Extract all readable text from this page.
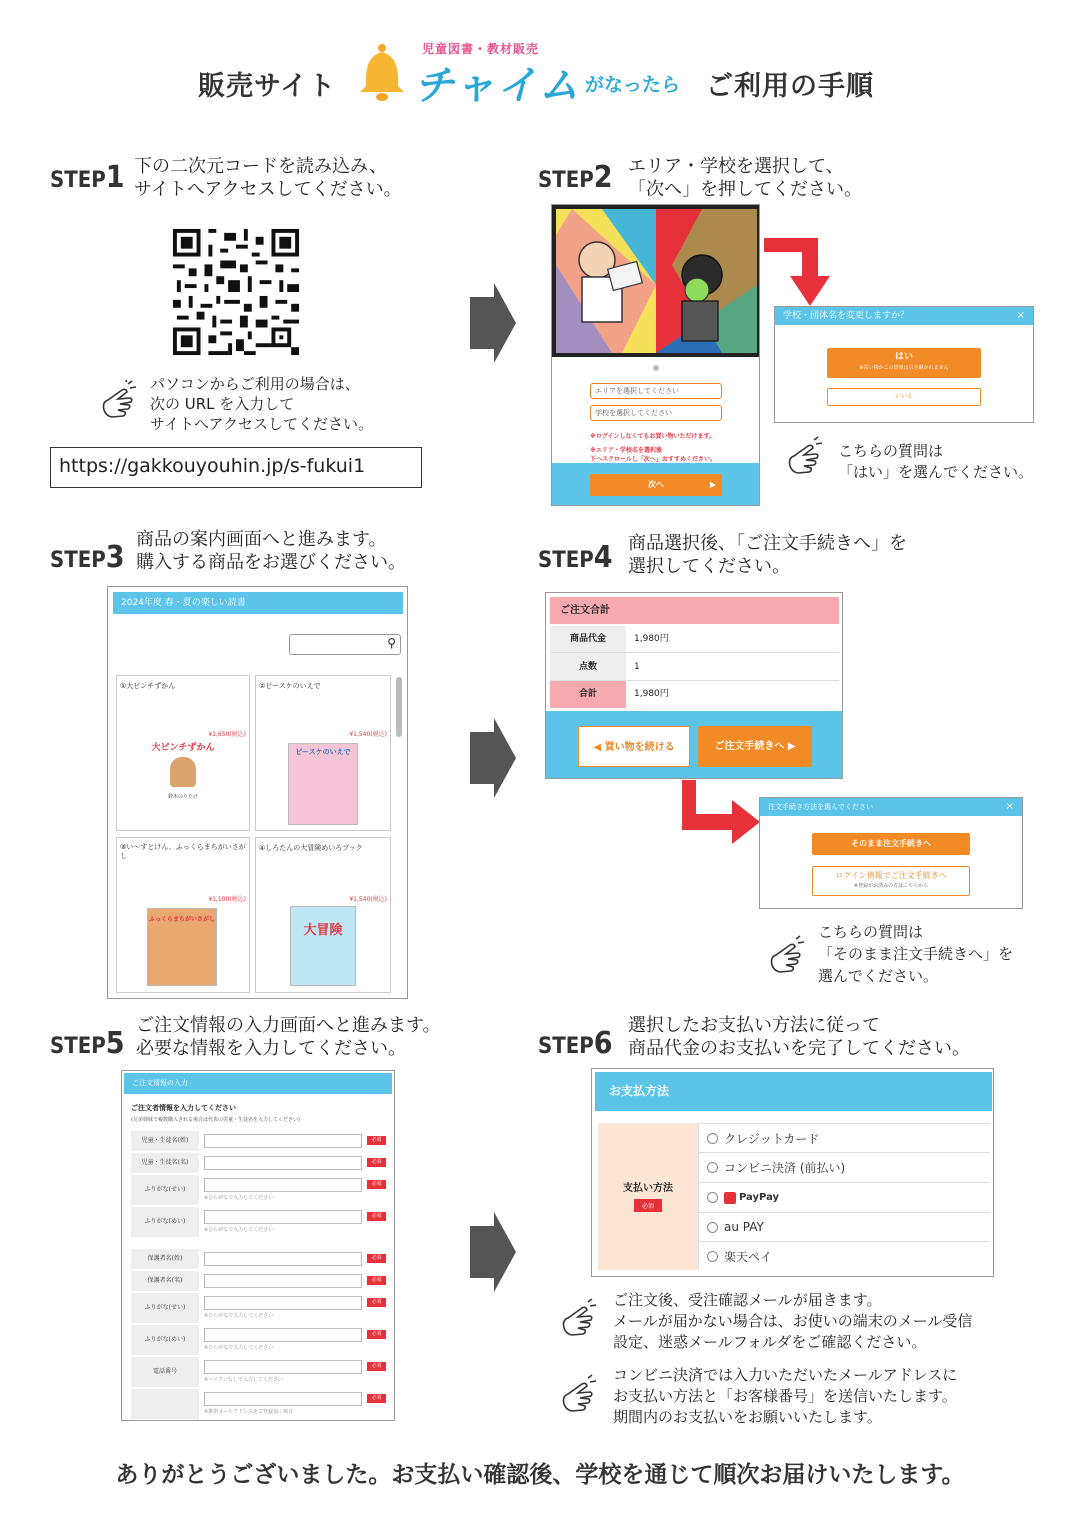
販売サイト
児童図書・教材販売
チャイム がなったら ご利用の手順
STEP1 下の二次元コードを読み込み、
サイトへアクセスしてください。
パソコンからご利用の場合は、
次の URL を入力して
サイトへアクセスしてください。
https://gakkouyouhin.jp/s-fukui1
STEP2 エリア・学校を選択して、
「次へ」を押してください。
エリアを選択してください
学校を選択してください
※ログインしなくてもお買い物いただけます。
※エリア・学校名を選択後
下へスクロールし「次へ」おすすめください。
次へ	▶
学校・団体名を変更しますか？	×
はい
※買い物かごの情報は引き継がれません
いいえ
こちらの質問は
「はい」を選んでください。
STEP3
商品の案内画面へと進みます。
購入する商品をお選びください。
2024年度 春・夏の楽しい読書
⚲
①大ピンチずかん
¥1,650(税込)
大ピンチずかん
鈴木のりたけ
②ピースケのいえで
¥1,540(税込)
ピースケのいえで
③い～すとけん、ふっくらまちがいさがし
¥1,100(税込)
ふっくらまちがいさがし
④しろたんの大冒険めいろブック
¥1,540(税込)
大冒険
STEP4 商品選択後、「ご注文手続きへ」を
選択してください。
ご注文合計
商品代金	1,980円
点数	1
合計	1,980円
◀ 買い物を続ける	ご注文手続きへ ▶
注文手続き方法を選んでください	×
そのまま注文手続きへ
ログイン情報でご注文手続きへ
※登録がお済みの方はこちらから
こちらの質問は
「そのまま注文手続きへ」を
選んでください。
STEP5
ご注文情報の入力画面へと進みます。
必要な情報を入力してください。
ご注文情報の入力
ご注文者情報を入力してください
(兄弟姉妹で複数購入される場合は代表の児童・生徒名を入力してください)
児童・生徒名(姓)	必須
児童・生徒名(名)	必須
ふりがな(せい)
必須
※ひらがなで入力してください
ふりがな(めい)
必須
※ひらがなで入力してください
保護者名(姓)	必須
保護者名(名)	必須
ふりがな(せい)
必須
※ひらがなで入力してください
ふりがな(めい)
必須
※ひらがなで入力してください
電話番号
必須
※ハイフンなしで入力してください
必須
※携帯メールアドレスをご登録頂く場合
STEP6
選択したお支払い方法に従って
商品代金のお支払いを完了してください。
お支払方法
支払い方法
必須
クレジットカード
コンビニ決済 (前払い)
PayPay
au PAY
楽天ペイ
ご注文後、受注確認メールが届きます。
メールが届かない場合は、お使いの端末のメール受信
設定、迷惑メールフォルダをご確認ください。
コンビニ決済では入力いただいたメールアドレスに
お支払い方法と「お客様番号」を送信いたします。
期間内のお支払いをお願いいたします。
ありがとうございました。お支払い確認後、学校を通じて順次お届けいたします。
